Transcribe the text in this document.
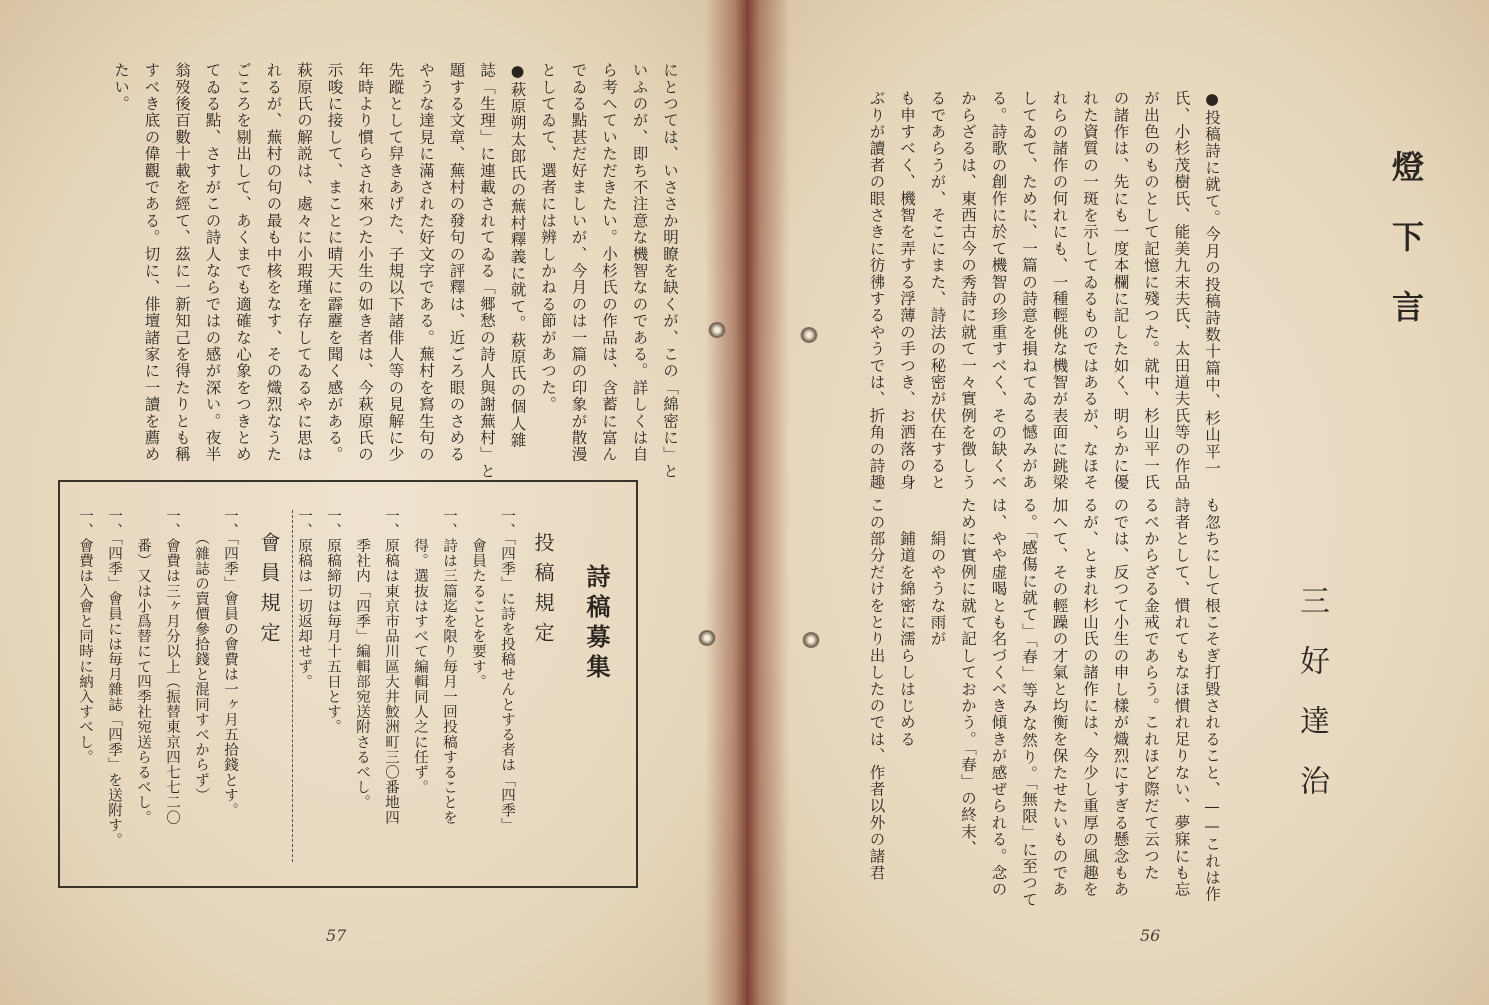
にとつては、いささか明瞭を缺くが、この「綿密に」と
いふのが、即ち不注意な機智なのである。詳しくは自
ら考へていただきたい。小杉氏の作品は、含蓄に富ん
でゐる點甚だ好ましいが、今月のは一篇の印象が散漫
としてゐて、選者には辨しかねる節があつた。
●萩原朔太郎氏の蕪村釋義に就て。萩原氏の個人雜
誌「生理」に連載されてゐる「郷愁の詩人與謝蕪村」と
題する文章、蕪村の發句の評釋は、近ごろ眼のさめる
やうな達見に滿された好文字である。蕪村を寫生句の
先蹤として舁きあげた、子規以下諸俳人等の見解に少
年時より慣らされ來つた小生の如き者は、今萩原氏の
示唆に接して、まことに晴天に霹靂を聞く感がある。
萩原氏の解説は、處々に小瑕瑾を存してゐるやに思は
れるが、蕪村の句の最も中核をなす、その熾烈なうた
ごころを剔出して、あくまでも適確な心象をつきとめ
てゐる點、さすがこの詩人ならではの感が深い。夜半
翁歿後百數十載を經て、茲に一新知己を得たりとも稱
すべき底の偉觀である。切に、俳壇諸家に一讀を薦め
たい。
詩稿募集
投稿規定
一、「四季」に詩を投稿せんとする者は「四季」
　　會員たることを要す。
一、詩は三篇迄を限り毎月一回投稿することを
　　得。選抜はすべて編輯同人之に任ず。
一、原稿は東京市品川區大井鮫洲町三〇番地四
　　季社内「四季」編輯部宛送附さるべし。
一、原稿締切は毎月十五日とす。
一、原稿は一切返却せず。
會員規定
一、「四季」會員の會費は一ヶ月五拾錢とす。
　　（雜誌の賣價參拾錢と混同すべからず）
一、會費は三ヶ月分以上（振替東京四七七二〇
　　番）又は小爲替にて四季社宛送らるべし。
一、「四季」會員には毎月雜誌「四季」を送附す。
一、會費は入會と同時に納入すべし。
57
燈下言
三好達治
●投稿詩に就て。今月の投稿詩数十篇中、杉山平一
氏、小杉茂樹氏、能美九末夫氏、太田道夫氏等の作品
が出色のものとして記憶に殘つた。就中、杉山平一氏
の諸作は、先にも一度本欄に記した如く、明らかに優
れた資質の一斑を示してゐるものではあるが、なほそ
れらの諸作の何れにも、一種輕佻な機智が表面に跳梁
してゐて、ために、一篇の詩意を損ねてゐる憾みがあ
る。詩歌の創作に於て機智の珍重すべく、その缺くべ
からざるは、東西古今の秀詩に就て一々實例を徴しう
るであらうが、そこにまた、詩法の秘密が伏在すると
も申すべく、機智を弄する浮薄の手つき、お洒落の身
ぶりが讀者の眼さきに彷彿するやうでは、折角の詩趣
も忽ちにして根こそぎ打毀されること、——これは作
詩者として、慣れてもなほ慣れ足りない、夢寐にも忘
るべからざる金戒であらう。これほど際だて云つた
のでは、反つて小生の申し樣が熾烈にすぎる懸念もあ
るが、とまれ杉山氏の諸作には、今少し重厚の風趣を
加へて、その輕躁の才氣と均衡を保たせたいものであ
る。「感傷に就て」「春」等みな然り。「無限」に至つて
は、やや虚喝とも名づくべき傾きが感ぜられる。念の
ために實例に就て記しておかう。「春」の終末、
　　絹のやうな雨が
　　鋪道を綿密に濡らしはじめる
この部分だけをとり出したのでは、作者以外の諸君
56
